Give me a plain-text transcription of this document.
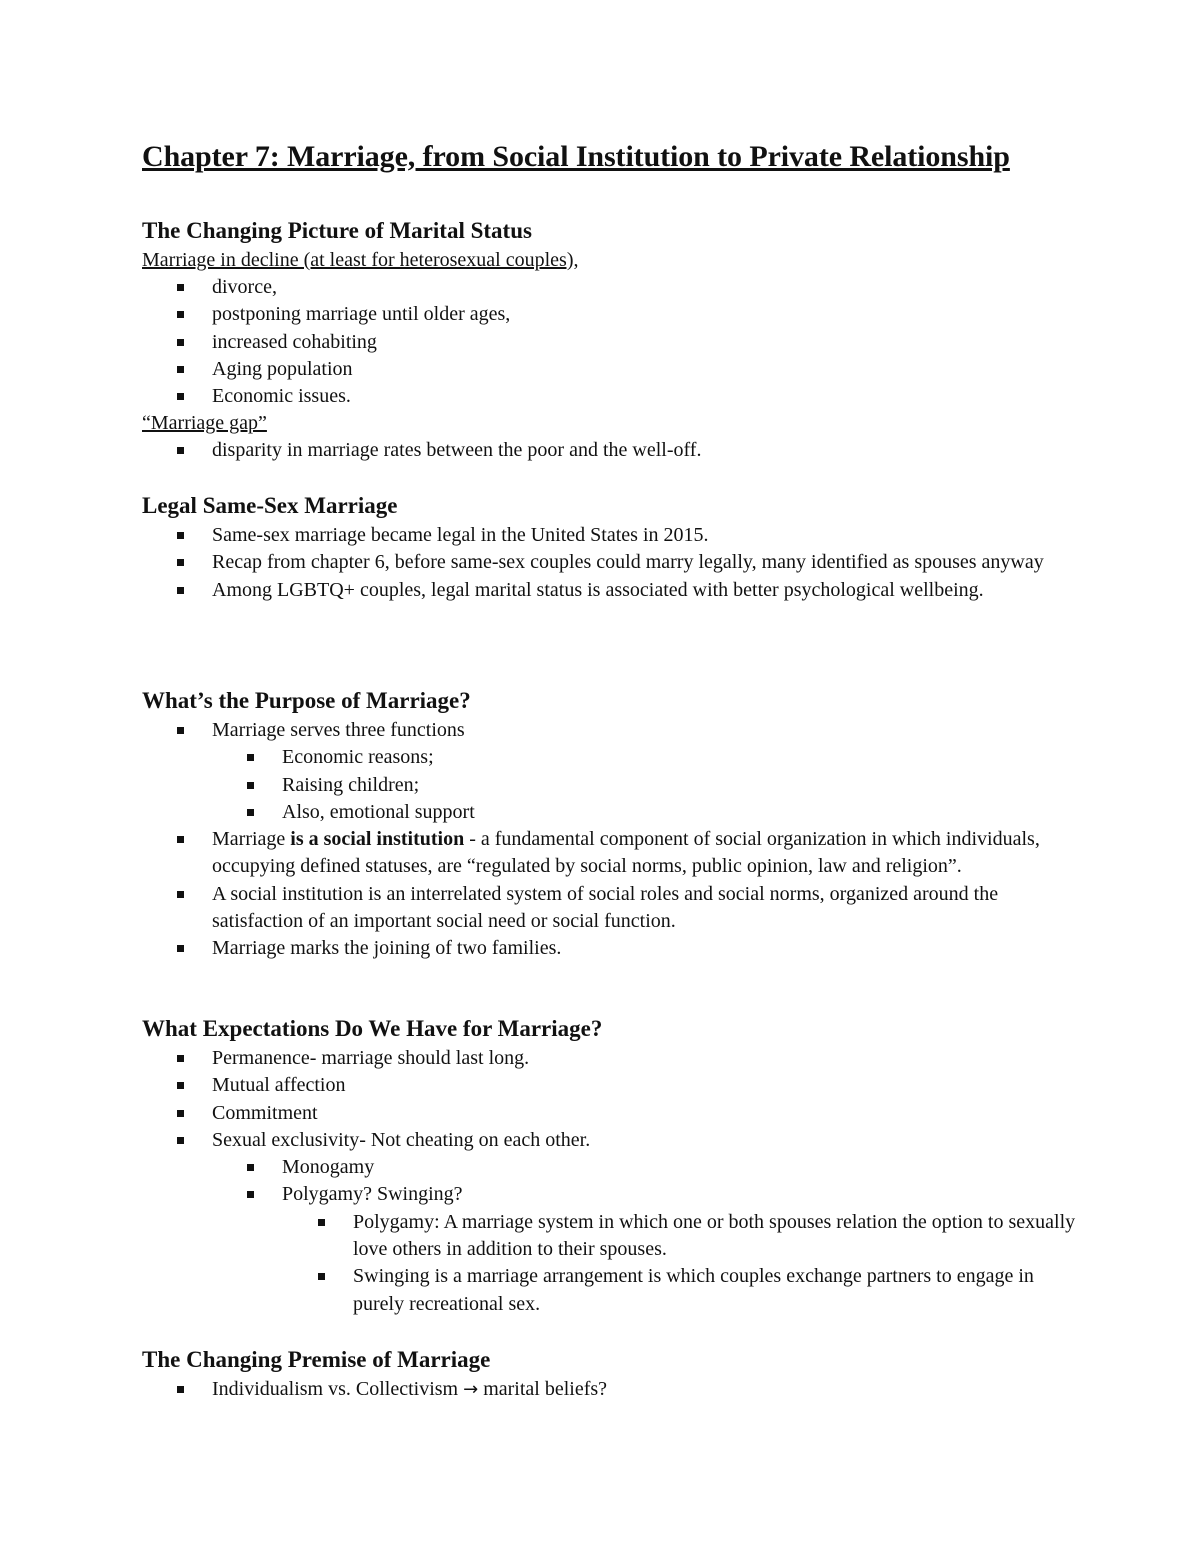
Chapter 7: Marriage, from Social Institution to Private Relationship
The Changing Picture of Marital Status

Marriage in decline (at least for heterosexual couples),

divorce,
postponing marriage until older ages,
increased cohabiting
Aging population
Economic issues.

“Marriage gap”

disparity in marriage rates between the poor and the well-off.
Legal Same-Sex Marriage
Same-sex marriage became legal in the United States in 2015.
Recap from chapter 6, before same-sex couples could marry legally, many identified as spouses anyway
Among LGBTQ+ couples, legal marital status is associated with better psychological wellbeing.
What’s the Purpose of Marriage?
Marriage serves three functions
Economic reasons;
Raising children;
Also, emotional support
Marriage is a social institution - a fundamental component of social organization in which individuals, occupying defined statuses, are “regulated by social norms, public opinion, law and religion”.
A social institution is an interrelated system of social roles and social norms, organized around the satisfaction of an important social need or social function.
Marriage marks the joining of two families.
What Expectations Do We Have for Marriage?
Permanence- marriage should last long.
Mutual affection
Commitment
Sexual exclusivity- Not cheating on each other.
Monogamy
Polygamy? Swinging?
Polygamy: A marriage system in which one or both spouses relation the option to sexually love others in addition to their spouses.
Swinging is a marriage arrangement is which couples exchange partners to engage in purely recreational sex.
The Changing Premise of Marriage
Individualism vs. Collectivism → marital beliefs?
